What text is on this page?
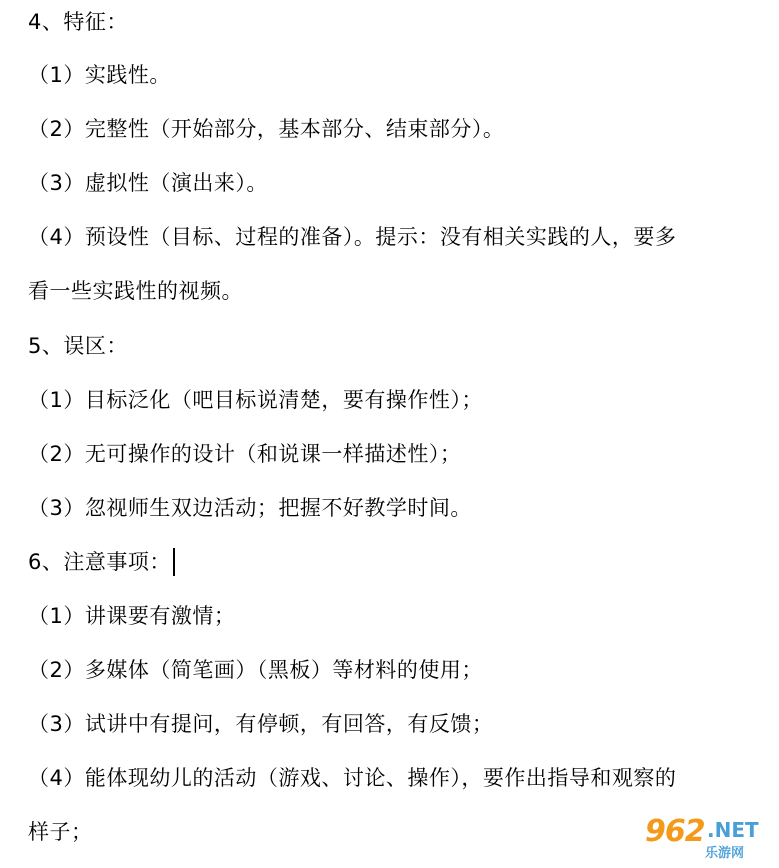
4、特征：
（1）实践性。
（2）完整性（开始部分，基本部分、结束部分）。
（3）虚拟性（演出来）。
（4）预设性（目标、过程的准备）。提示：没有相关实践的人，要多
看一些实践性的视频。
5、误区：
（1）目标泛化（吧目标说清楚，要有操作性）；
（2）无可操作的设计（和说课一样描述性）；
（3）忽视师生双边活动；把握不好教学时间。
6、注意事项：
（1）讲课要有激情；
（2）多媒体（简笔画）（黑板）等材料的使用；
（3）试讲中有提问，有停顿，有回答，有反馈；
（4）能体现幼儿的活动（游戏、讨论、操作），要作出指导和观察的
样子；	962 .NET
乐游网
